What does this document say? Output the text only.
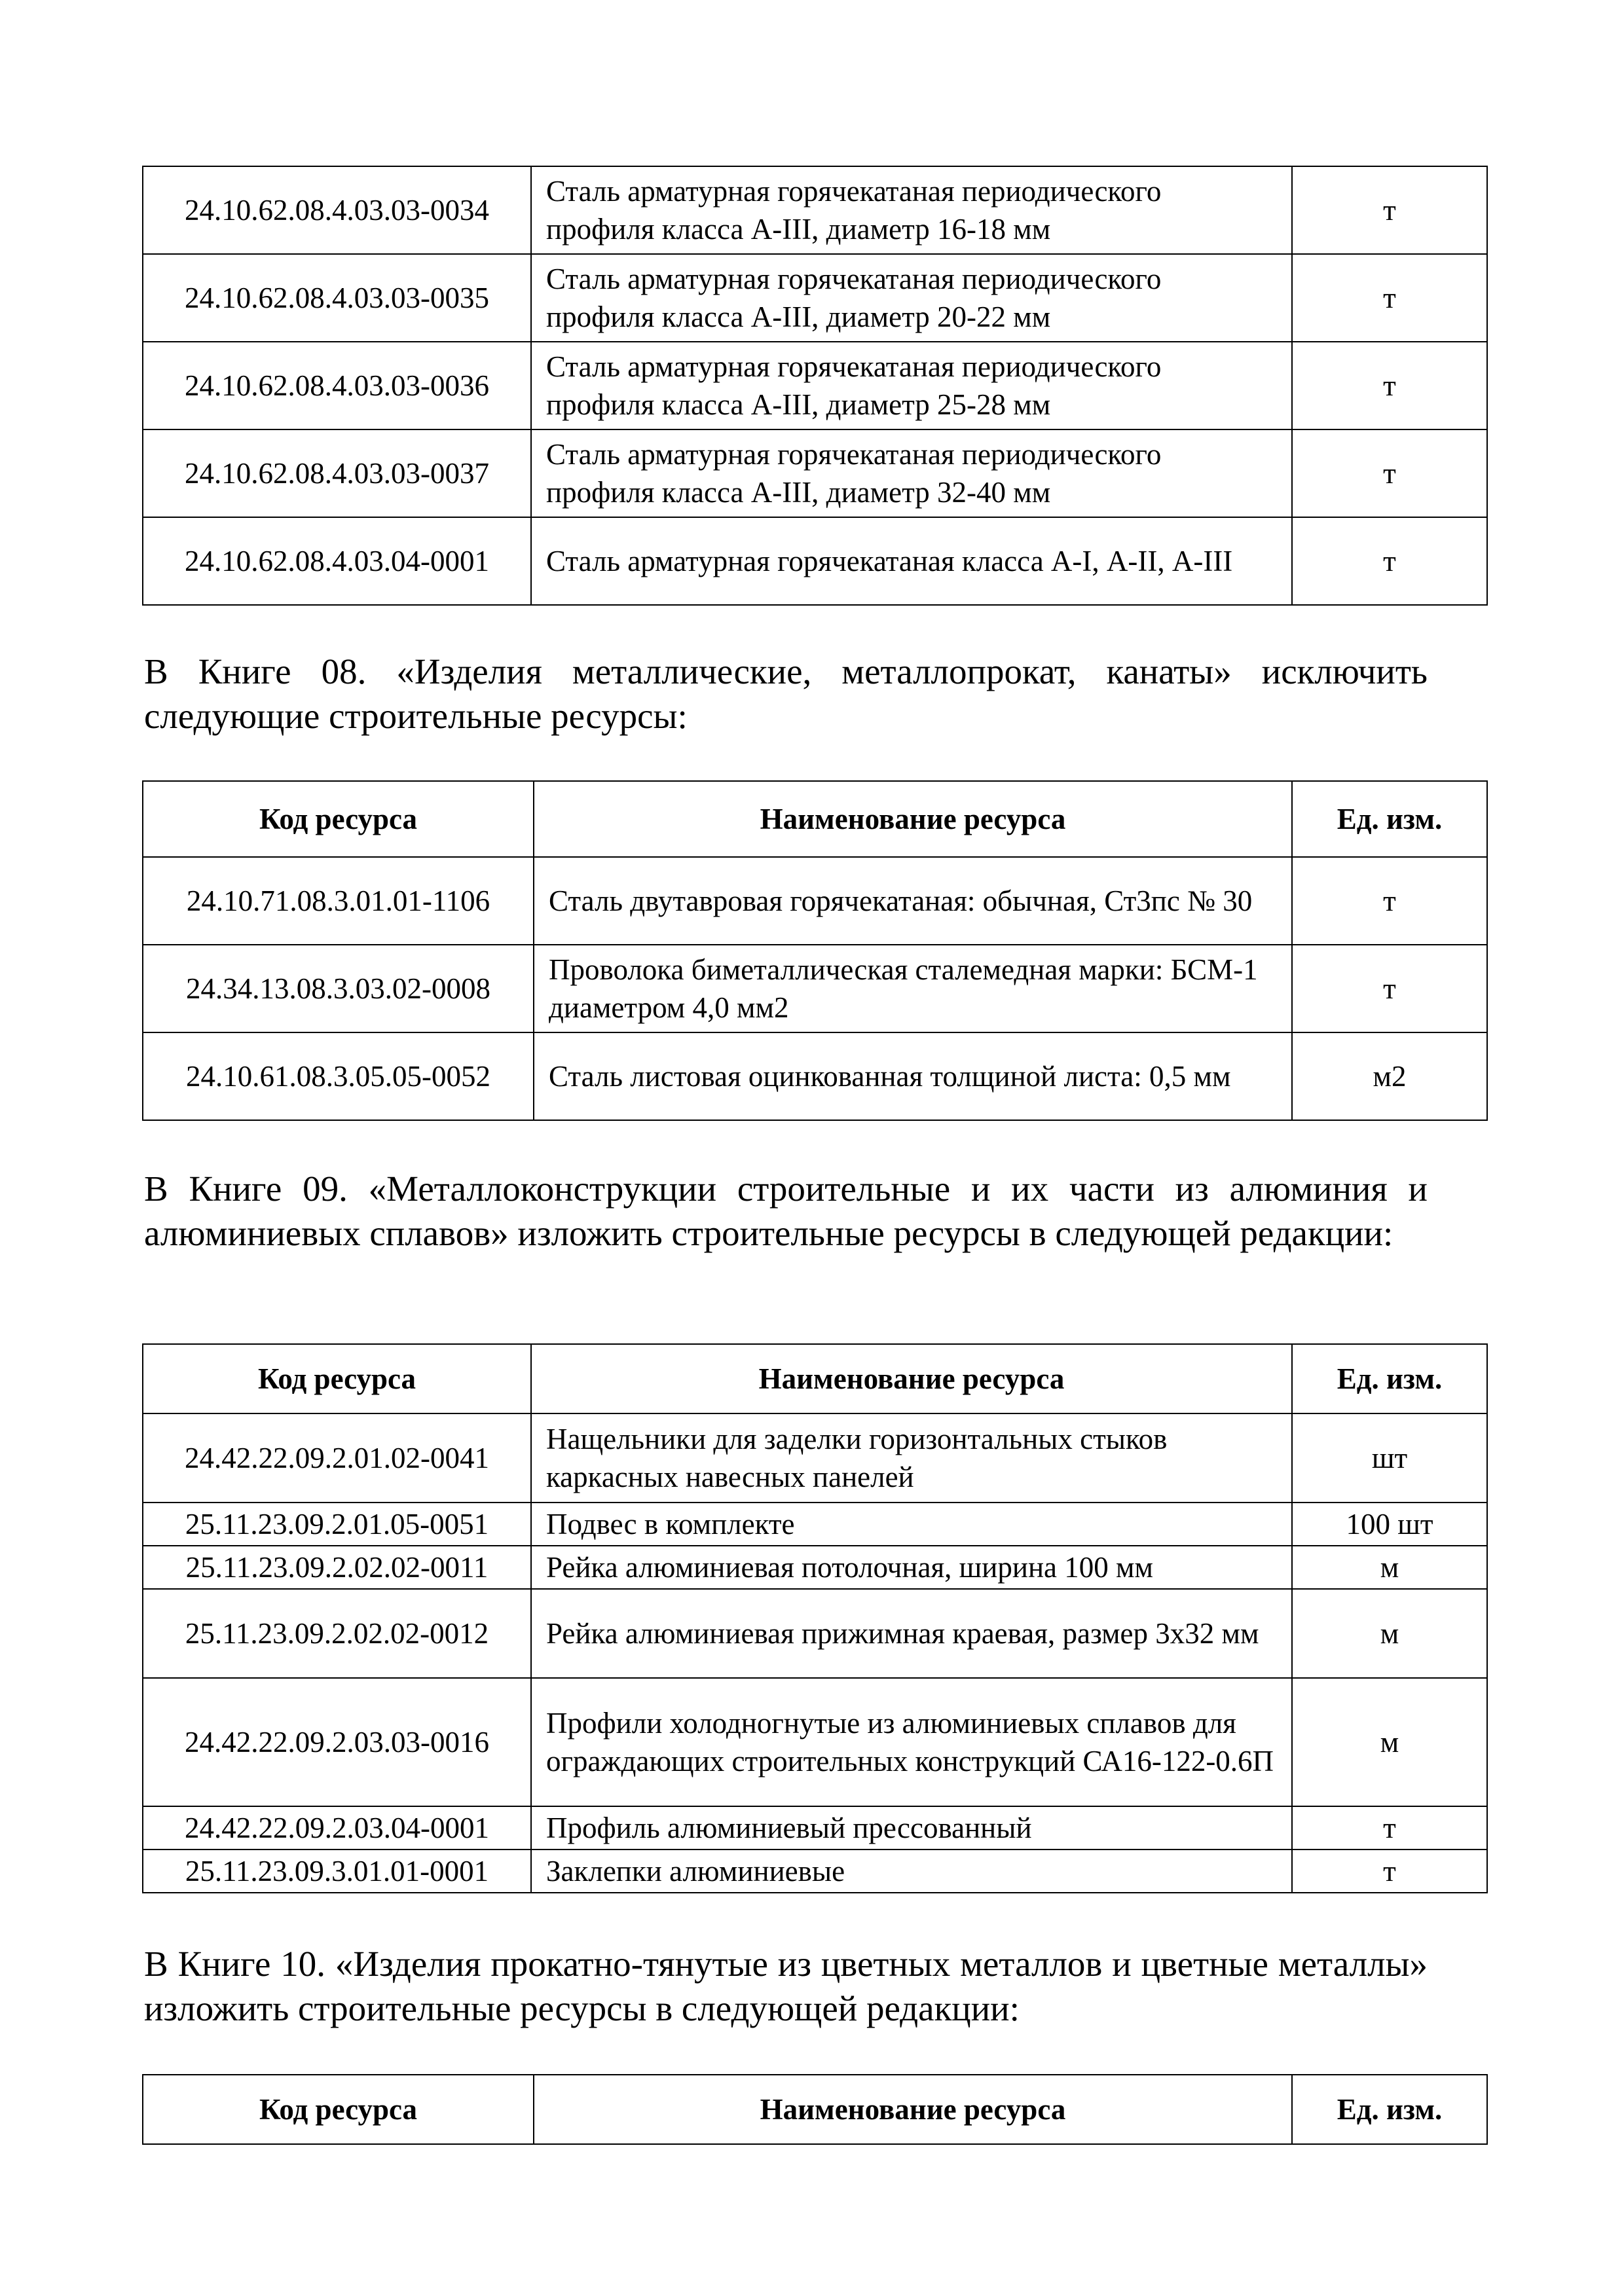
24.10.62.08.4.03.03-0034	Сталь арматурная горячекатаная периодического профиля класса А-III, диаметр 16-18 мм	т
24.10.62.08.4.03.03-0035	Сталь арматурная горячекатаная периодического профиля класса А-III, диаметр 20-22 мм	т
24.10.62.08.4.03.03-0036	Сталь арматурная горячекатаная периодического профиля класса А-III, диаметр 25-28 мм	т
24.10.62.08.4.03.03-0037	Сталь арматурная горячекатаная периодического профиля класса А-III, диаметр 32-40 мм	т
24.10.62.08.4.03.04-0001	Сталь арматурная горячекатаная класса А-I, А-II, А-III	т

В Книге 08. «Изделия металлические, металлопрокат, канаты» исключить следующие строительные ресурсы:

Код ресурса	Наименование ресурса	Ед. изм.
24.10.71.08.3.01.01-1106	Сталь двутавровая горячекатаная: обычная, Ст3пс № 30	т
24.34.13.08.3.03.02-0008	Проволока биметаллическая сталемедная марки: БСМ-1 диаметром 4,0 мм2	т
24.10.61.08.3.05.05-0052	Сталь листовая оцинкованная толщиной листа: 0,5 мм	м2

В Книге 09. «Металлоконструкции строительные и их части из алюминия и алюминиевых сплавов» изложить строительные ресурсы в следующей редакции:

Код ресурса	Наименование ресурса	Ед. изм.
24.42.22.09.2.01.02-0041	Нащельники для заделки горизонтальных стыков каркасных навесных панелей	шт
25.11.23.09.2.01.05-0051	Подвес в комплекте	100 шт
25.11.23.09.2.02.02-0011	Рейка алюминиевая потолочная, ширина 100 мм	м
25.11.23.09.2.02.02-0012	Рейка алюминиевая прижимная краевая, размер 3х32 мм	м
24.42.22.09.2.03.03-0016	Профили холодногнутые из алюминиевых сплавов для ограждающих строительных конструкций СА16-122-0.6П	м
24.42.22.09.2.03.04-0001	Профиль алюминиевый прессованный	т
25.11.23.09.3.01.01-0001	Заклепки алюминиевые	т

В Книге 10. «Изделия прокатно-тянутые из цветных металлов и цветные металлы» изложить строительные ресурсы в следующей редакции:

Код ресурса	Наименование ресурса	Ед. изм.
